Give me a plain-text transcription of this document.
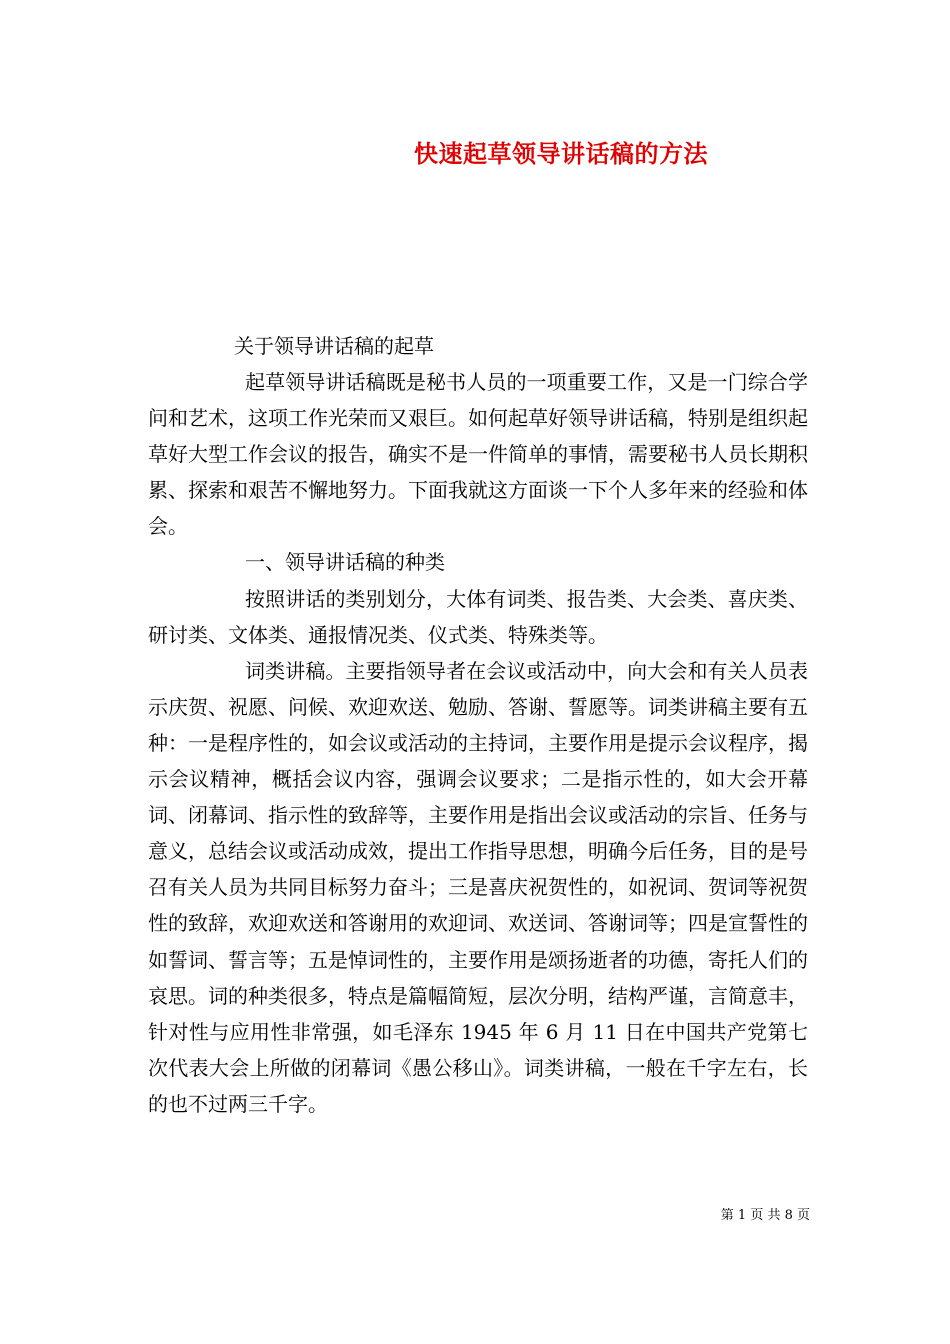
快速起草领导讲话稿的方法
关于领导讲话稿的起草

起草领导讲话稿既是秘书人员的一项重要工作，又是一门综合学问和艺术，这项工作光荣而又艰巨。如何起草好领导讲话稿，特别是组织起草好大型工作会议的报告，确实不是一件简单的事情，需要秘书人员长期积累、探索和艰苦不懈地努力。下面我就这方面谈一下个人多年来的经验和体会。

一、领导讲话稿的种类

按照讲话的类别划分，大体有词类、报告类、大会类、喜庆类、研讨类、文体类、通报情况类、仪式类、特殊类等。

词类讲稿。主要指领导者在会议或活动中，向大会和有关人员表示庆贺、祝愿、问候、欢迎欢送、勉励、答谢、誓愿等。词类讲稿主要有五种：一是程序性的，如会议或活动的主持词，主要作用是提示会议程序，揭示会议精神，概括会议内容，强调会议要求；二是指示性的，如大会开幕词、闭幕词、指示性的致辞等，主要作用是指出会议或活动的宗旨、任务与意义，总结会议或活动成效，提出工作指导思想，明确今后任务，目的是号召有关人员为共同目标努力奋斗；三是喜庆祝贺性的，如祝词、贺词等祝贺性的致辞，欢迎欢送和答谢用的欢迎词、欢送词、答谢词等；四是宣誓性的如誓词、誓言等；五是悼词性的，主要作用是颂扬逝者的功德，寄托人们的哀思。词的种类很多，特点是篇幅简短，层次分明，结构严谨，言简意丰，针对性与应用性非常强，如毛泽东 1945 年 6 月 11 日在中国共产党第七次代表大会上所做的闭幕词《愚公移山》。词类讲稿，一般在千字左右，长的也不过两三千字。

第 1 页 共 8 页
